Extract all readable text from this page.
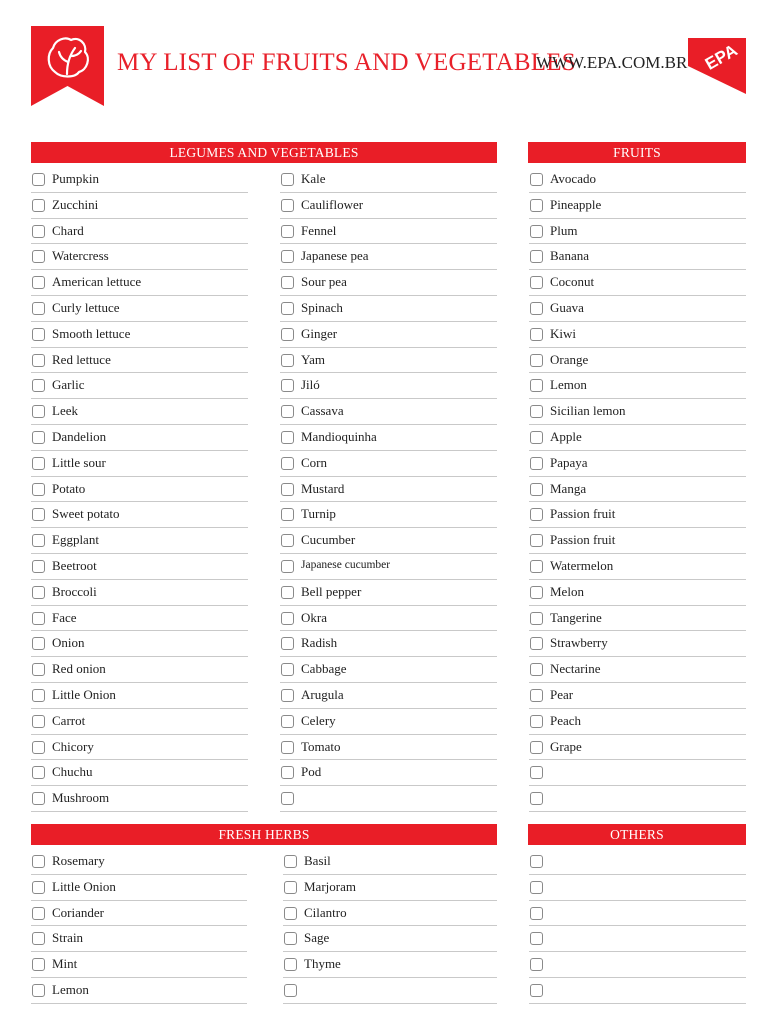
MY LIST OF FRUITS AND VEGETABLES
WWW.EPA.COM.BR EPA
LEGUMES AND VEGETABLES	FRUITS
FRESH HERBS	OTHERS
Pumpkin
Zucchini
Chard
Watercress
American lettuce
Curly lettuce
Smooth lettuce
Red lettuce
Garlic
Leek
Dandelion
Little sour
Potato
Sweet potato
Eggplant
Beetroot
Broccoli
Face
Onion
Red onion
Little Onion
Carrot
Chicory
Chuchu
Mushroom
Kale
Cauliflower
Fennel
Japanese pea
Sour pea
Spinach
Ginger
Yam
Jiló
Cassava
Mandioquinha
Corn
Mustard
Turnip
Cucumber
Japanese cucumber
Bell pepper
Okra
Radish
Cabbage
Arugula
Celery
Tomato
Pod
Avocado
Pineapple
Plum
Banana
Coconut
Guava
Kiwi
Orange
Lemon
Sicilian lemon
Apple
Papaya
Manga
Passion fruit
Passion fruit
Watermelon
Melon
Tangerine
Strawberry
Nectarine
Pear
Peach
Grape
Rosemary
Little Onion
Coriander
Strain
Mint
Lemon
Basil
Marjoram
Cilantro
Sage
Thyme
